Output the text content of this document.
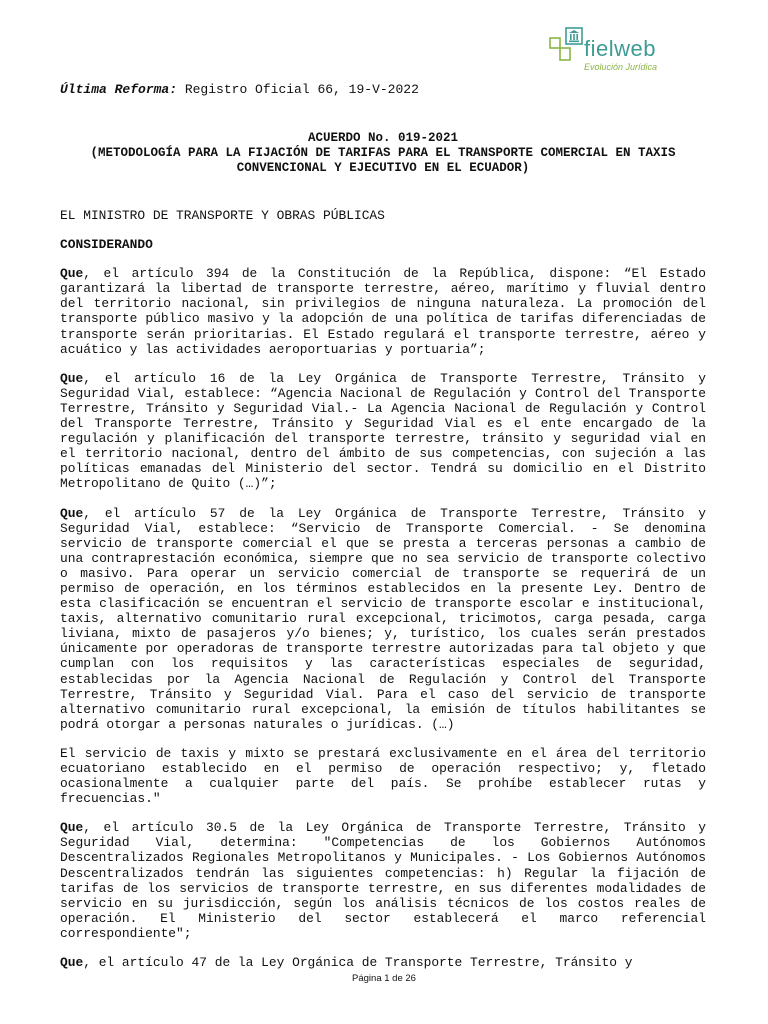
fielweb
Evolución Jurídica
Última Reforma: Registro Oficial 66, 19-V-2022
ACUERDO No. 019-2021
(METODOLOGÍA PARA LA FIJACIÓN DE TARIFAS PARA EL TRANSPORTE COMERCIAL EN TAXIS CONVENCIONAL Y EJECUTIVO EN EL ECUADOR)

EL MINISTRO DE TRANSPORTE Y OBRAS PÚBLICAS

CONSIDERANDO

Que, el artículo 394 de la Constitución de la República, dispone: “El Estado garantizará la libertad de transporte terrestre, aéreo, marítimo y fluvial dentro del territorio nacional, sin privilegios de ninguna naturaleza. La promoción del transporte público masivo y la adopción de una política de tarifas diferenciadas de transporte serán prioritarias. El Estado regulará el transporte terrestre, aéreo y acuático y las actividades aeroportuarias y portuaria”;

Que, el artículo 16 de la Ley Orgánica de Transporte Terrestre, Tránsito y Seguridad Vial, establece: “Agencia Nacional de Regulación y Control del Transporte Terrestre, Tránsito y Seguridad Vial.- La Agencia Nacional de Regulación y Control del Transporte Terrestre, Tránsito y Seguridad Vial es el ente encargado de la regulación y planificación del transporte terrestre, tránsito y seguridad vial en el territorio nacional, dentro del ámbito de sus competencias, con sujeción a las políticas emanadas del Ministerio del sector. Tendrá su domicilio en el Distrito Metropolitano de Quito (…)”;

Que, el artículo 57 de la Ley Orgánica de Transporte Terrestre, Tránsito y Seguridad Vial, establece: “Servicio de Transporte Comercial. - Se denomina servicio de transporte comercial el que se presta a terceras personas a cambio de una contraprestación económica, siempre que no sea servicio de transporte colectivo o masivo. Para operar un servicio comercial de transporte se requerirá de un permiso de operación, en los términos establecidos en la presente Ley. Dentro de esta clasificación se encuentran el servicio de transporte escolar e institucional, taxis, alternativo comunitario rural excepcional, tricimotos, carga pesada, carga liviana, mixto de pasajeros y/o bienes; y, turístico, los cuales serán prestados únicamente por operadoras de transporte terrestre autorizadas para tal objeto y que cumplan con los requisitos y las características especiales de seguridad, establecidas por la Agencia Nacional de Regulación y Control del Transporte Terrestre, Tránsito y Seguridad Vial. Para el caso del servicio de transporte alternativo comunitario rural excepcional, la emisión de títulos habilitantes se podrá otorgar a personas naturales o jurídicas. (…)

El servicio de taxis y mixto se prestará exclusivamente en el área del territorio ecuatoriano establecido en el permiso de operación respectivo; y, fletado ocasionalmente a cualquier parte del país. Se prohíbe establecer rutas y frecuencias."

Que, el artículo 30.5 de la Ley Orgánica de Transporte Terrestre, Tránsito y Seguridad Vial, determina: "Competencias de los Gobiernos Autónomos Descentralizados Regionales Metropolitanos y Municipales. - Los Gobiernos Autónomos Descentralizados tendrán las siguientes competencias: h) Regular la fijación de tarifas de los servicios de transporte terrestre, en sus diferentes modalidades de servicio en su jurisdicción, según los análisis técnicos de los costos reales de operación. El Ministerio del sector establecerá el marco referencial correspondiente";

Que, el artículo 47 de la Ley Orgánica de Transporte Terrestre, Tránsito y

Página 1 de 26
